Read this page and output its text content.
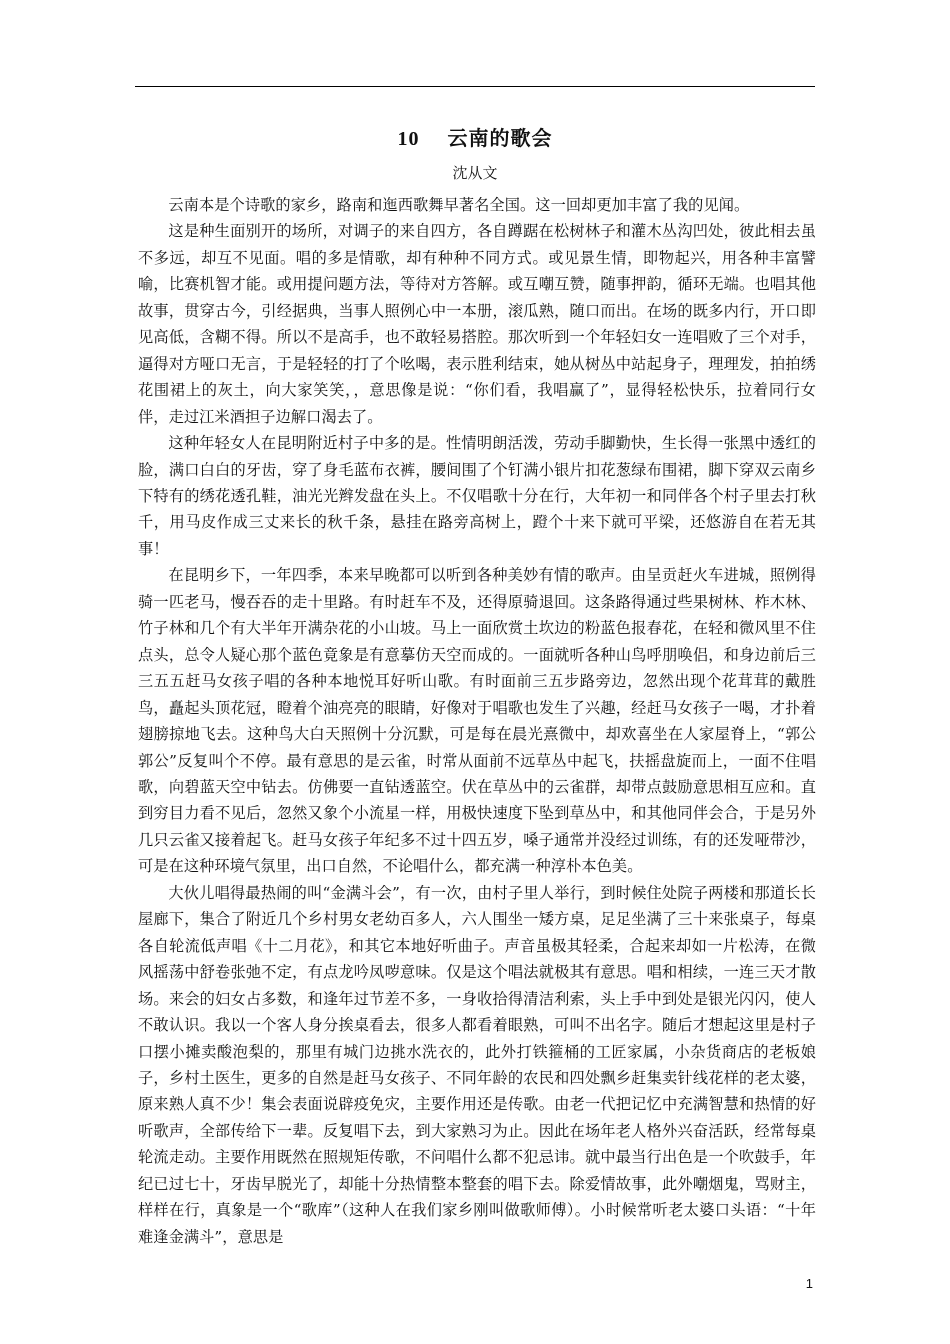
10 云南的歌会
沈从文

云南本是个诗歌的家乡，路南和迤西歌舞早著名全国。这一回却更加丰富了我的见闻。

这是种生面别开的场所，对调子的来自四方，各自蹲踞在松树林子和灌木丛沟凹处，彼此相去虽不多远，却互不见面。唱的多是情歌，却有种种不同方式。或见景生情，即物起兴，用各种丰富譬喻，比赛机智才能。或用提问题方法，等待对方答解。或互嘲互赞，随事押韵，循环无端。也唱其他故事，贯穿古今，引经据典，当事人照例心中一本册，滚瓜熟，随口而出。在场的既多内行，开口即见高低，含糊不得。所以不是高手，也不敢轻易搭腔。那次听到一个年轻妇女一连唱败了三个对手，逼得对方哑口无言，于是轻轻的打了个吆喝，表示胜利结束，她从树丛中站起身子，理理发，拍拍绣花围裙上的灰土，向大家笑笑，，意思像是说：“你们看，我唱赢了”，显得轻松快乐，拉着同行女伴，走过江米酒担子边解口渴去了。

这种年轻女人在昆明附近村子中多的是。性情明朗活泼，劳动手脚勤快，生长得一张黑中透红的脸，满口白白的牙齿，穿了身毛蓝布衣裤，腰间围了个钉满小银片扣花葱绿布围裙，脚下穿双云南乡下特有的绣花透孔鞋，油光光辫发盘在头上。不仅唱歌十分在行，大年初一和同伴各个村子里去打秋千，用马皮作成三丈来长的秋千条，悬挂在路旁高树上，蹬个十来下就可平梁，还悠游自在若无其事！

在昆明乡下，一年四季，本来早晚都可以听到各种美妙有情的歌声。由呈贡赶火车进城，照例得骑一匹老马，慢吞吞的走十里路。有时赶车不及，还得原骑退回。这条路得通过些果树林、柞木林、竹子林和几个有大半年开满杂花的小山坡。马上一面欣赏土坎边的粉蓝色报春花，在轻和微风里不住点头，总令人疑心那个蓝色竟象是有意摹仿天空而成的。一面就听各种山鸟呼朋唤侣，和身边前后三三五五赶马女孩子唱的各种本地悦耳好听山歌。有时面前三五步路旁边，忽然出现个花茸茸的戴胜鸟，矗起头顶花冠，瞪着个油亮亮的眼睛，好像对于唱歌也发生了兴趣，经赶马女孩子一喝，才扑着翅膀掠地飞去。这种鸟大白天照例十分沉默，可是每在晨光熹微中，却欢喜坐在人家屋脊上，“郭公郭公”反复叫个不停。最有意思的是云雀，时常从面前不远草丛中起飞，扶摇盘旋而上，一面不住唱歌，向碧蓝天空中钻去。仿佛要一直钻透蓝空。伏在草丛中的云雀群，却带点鼓励意思相互应和。直到穷目力看不见后，忽然又象个小流星一样，用极快速度下坠到草丛中，和其他同伴会合，于是另外几只云雀又接着起飞。赶马女孩子年纪多不过十四五岁，嗓子通常并没经过训练，有的还发哑带沙，可是在这种环境气氛里，出口自然，不论唱什么，都充满一种淳朴本色美。

大伙儿唱得最热闹的叫“金满斗会”，有一次，由村子里人举行，到时候住处院子两楼和那道长长屋廊下，集合了附近几个乡村男女老幼百多人，六人围坐一矮方桌，足足坐满了三十来张桌子，每桌各自轮流低声唱《十二月花》，和其它本地好听曲子。声音虽极其轻柔，合起来却如一片松涛，在微风摇荡中舒卷张弛不定，有点龙吟凤哕意味。仅是这个唱法就极其有意思。唱和相续，一连三天才散场。来会的妇女占多数，和逢年过节差不多，一身收拾得清洁利索，头上手中到处是银光闪闪，使人不敢认识。我以一个客人身分挨桌看去，很多人都看着眼熟，可叫不出名字。随后才想起这里是村子口摆小摊卖酸泡梨的，那里有城门边挑水洗衣的，此外打铁箍桶的工匠家属，小杂货商店的老板娘子，乡村土医生，更多的自然是赶马女孩子、不同年龄的农民和四处飘乡赶集卖针线花样的老太婆，原来熟人真不少！集会表面说辟疫免灾，主要作用还是传歌。由老一代把记忆中充满智慧和热情的好听歌声，全部传给下一辈。反复唱下去，到大家熟习为止。因此在场年老人格外兴奋活跃，经常每桌轮流走动。主要作用既然在照规矩传歌，不问唱什么都不犯忌讳。就中最当行出色是一个吹鼓手，年纪已过七十，牙齿早脱光了，却能十分热情整本整套的唱下去。除爱情故事，此外嘲烟鬼，骂财主，样样在行，真象是一个“歌库”（这种人在我们家乡刚叫做歌师傅）。小时候常听老太婆口头语：“十年难逢金满斗”，意思是

1
